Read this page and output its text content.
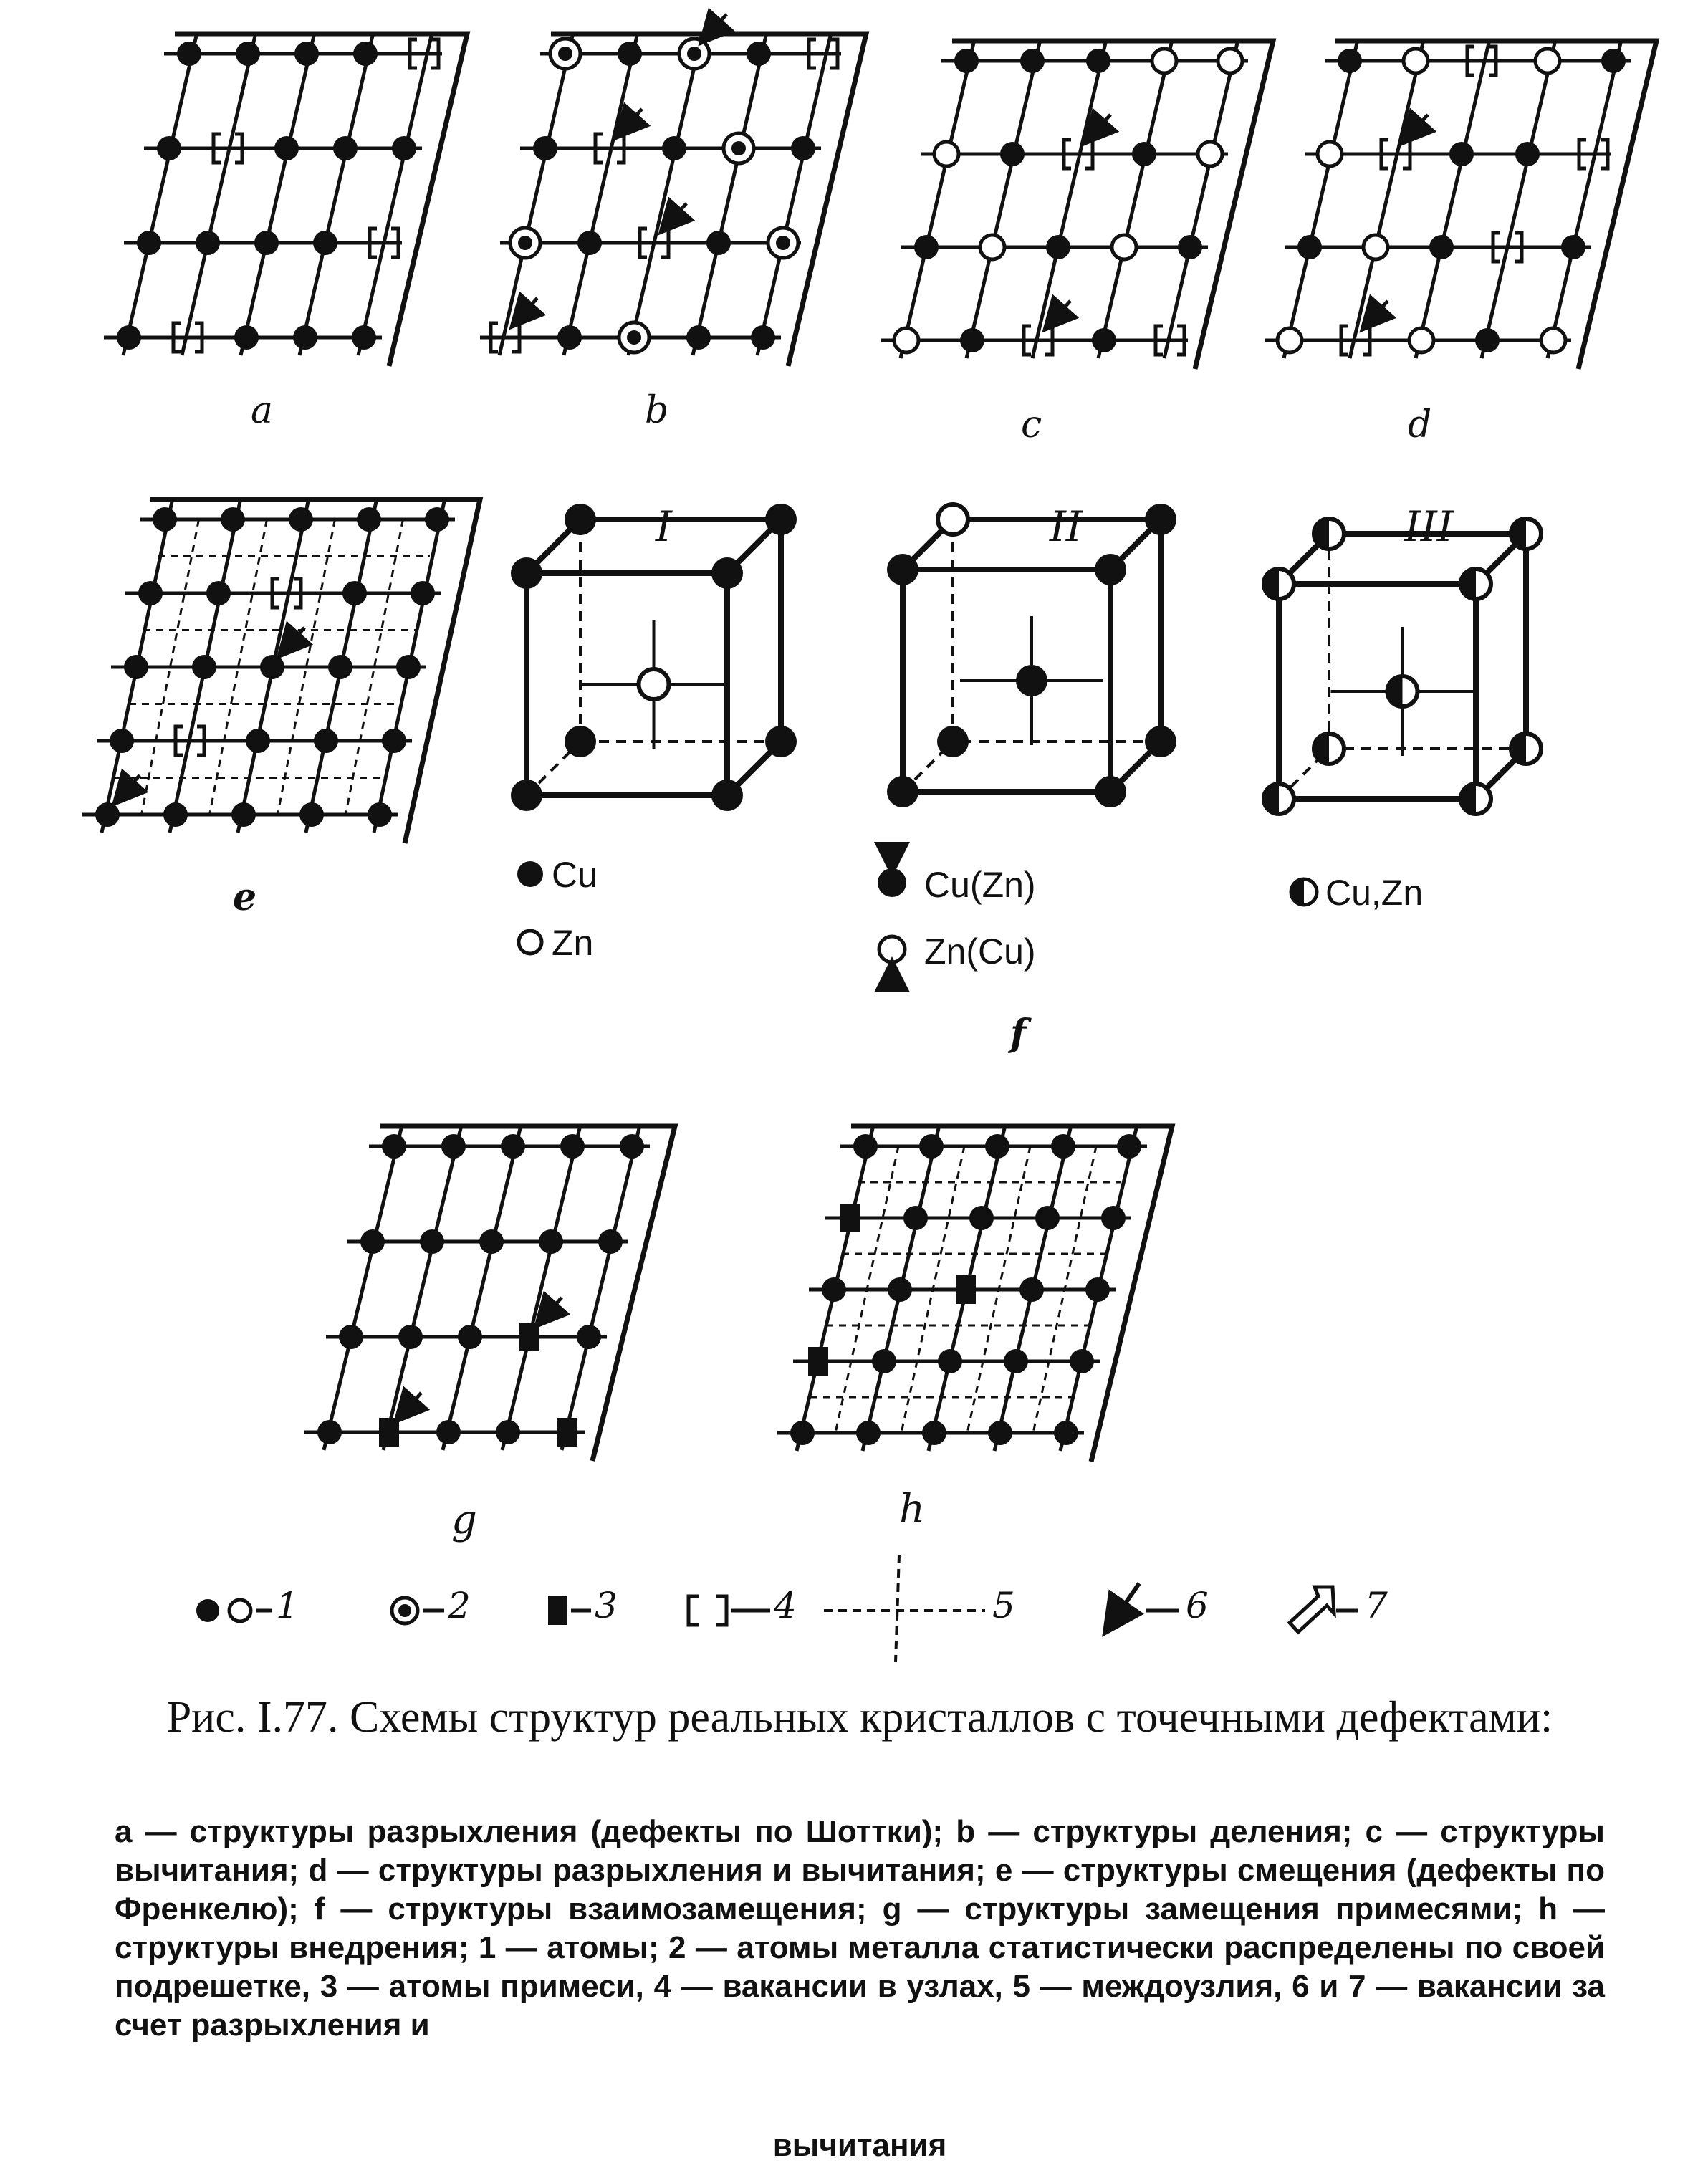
a	b	c	d
e
f
g	h
I	II	III
Cu
Zn
Cu(Zn)
Zn(Cu)
Cu,Zn
1	2	3	4	5	6	7
Рис. I.77. Схемы структур реальных кристаллов с точечными дефектами:
a — структуры разрыхления (дефекты по Шоттки); b — структуры деления; c — структуры вычитания; d — структуры разрыхления и вычитания; e — структуры смещения (дефекты по Френкелю); f — структуры взаимозамещения; g — структуры замещения примесями; h — структуры внедрения; 1 — атомы; 2 — атомы металла статистически распределены по своей подрешетке, 3 — атомы примеси, 4 — вакансии в узлах, 5 — междоузлия, 6 и 7 — вакансии за счет разрыхления и
вычитания
